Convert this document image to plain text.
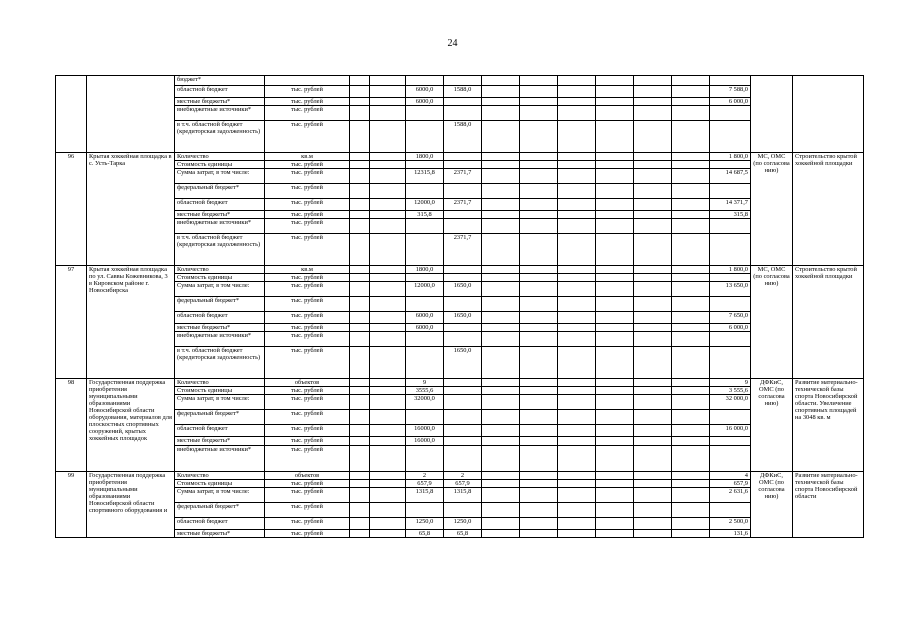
24
		бюджет*														
		областной бюджет	тыс. рублей			6000,0	1588,0							7 588,0		
		местные бюджеты*	тыс. рублей			6000,0								6 000,0		
		внебюджетные источники*	тыс. рублей													
		в т.ч. областной бюджет (кредиторская задолженность)	тыс. рублей				1588,0									
96	Крытая хоккейная площадка в с. Усть-Тарка	Количество	кв.м			1800,0								1 800,0	МС, ОМС (по согласова нию)	Строительство крытой хоккейной площадки
		Стоимость единицы	тыс. рублей													
		Сумма затрат, в том числе:	тыс. рублей			12315,8	2371,7							14 687,5		
		федеральный бюджет*	тыс. рублей													
		областной бюджет	тыс. рублей			12000,0	2371,7							14 371,7		
		местные бюджеты*	тыс. рублей			315,8								315,8		
		внебюджетные источники*	тыс. рублей													
		в т.ч. областной бюджет (кредиторская задолженность)	тыс. рублей				2371,7									
97	Крытая хоккейная площадка по ул. Саввы Кожевникова, 3 в Кировском районе г. Новосибирска	Количество	кв.м			1800,0								1 800,0	МС, ОМС (по согласова нию)	Строительство крытой хоккейной площадки
		Стоимость единицы	тыс. рублей													
		Сумма затрат, в том числе:	тыс. рублей			12000,0	1650,0							13 650,0		
		федеральный бюджет*	тыс. рублей													
		областной бюджет	тыс. рублей			6000,0	1650,0							7 650,0		
		местные бюджеты*	тыс. рублей			6000,0								6 000,0		
		внебюджетные источники*	тыс. рублей													
		в т.ч. областной бюджет (кредиторская задолженность)	тыс. рублей				1650,0									
98	Государственная поддержка приобретения муниципальными образованиями Новосибирской области оборудования, материалов для плоскостных спортивных сооружений, крытых хоккейных площадок	Количество	объектов			9								9	ДФКиС, ОМС (по согласова нию)	Развитие материально-технической базы спорта Новосибирской области. Увеличение спортивных площадей на 3048 кв. м
		Стоимость единицы	тыс. рублей			3555,6								3 555,6		
		Сумма затрат, в том числе:	тыс. рублей			32000,0								32 000,0		
		федеральный бюджет*	тыс. рублей													
		областной бюджет	тыс. рублей			16000,0								16 000,0		
		местные бюджеты*	тыс. рублей			16000,0										
		внебюджетные источники*	тыс. рублей													
99	Государственная поддержка приобретения муниципальными образованиями Новосибирской области спортивного оборудования и	Количество	объектов			2	2							4	ДФКиС, ОМС (по согласова нию)	Развитие материально-технической базы спорта Новосибирской области
		Стоимость единицы	тыс. рублей			657,9	657,9							657,9		
		Сумма затрат, в том числе:	тыс. рублей			1315,8	1315,8							2 631,6		
		федеральный бюджет*	тыс. рублей													
		областной бюджет	тыс. рублей			1250,0	1250,0							2 500,0		
		местные бюджеты*	тыс. рублей			65,8	65,8							131,6		
